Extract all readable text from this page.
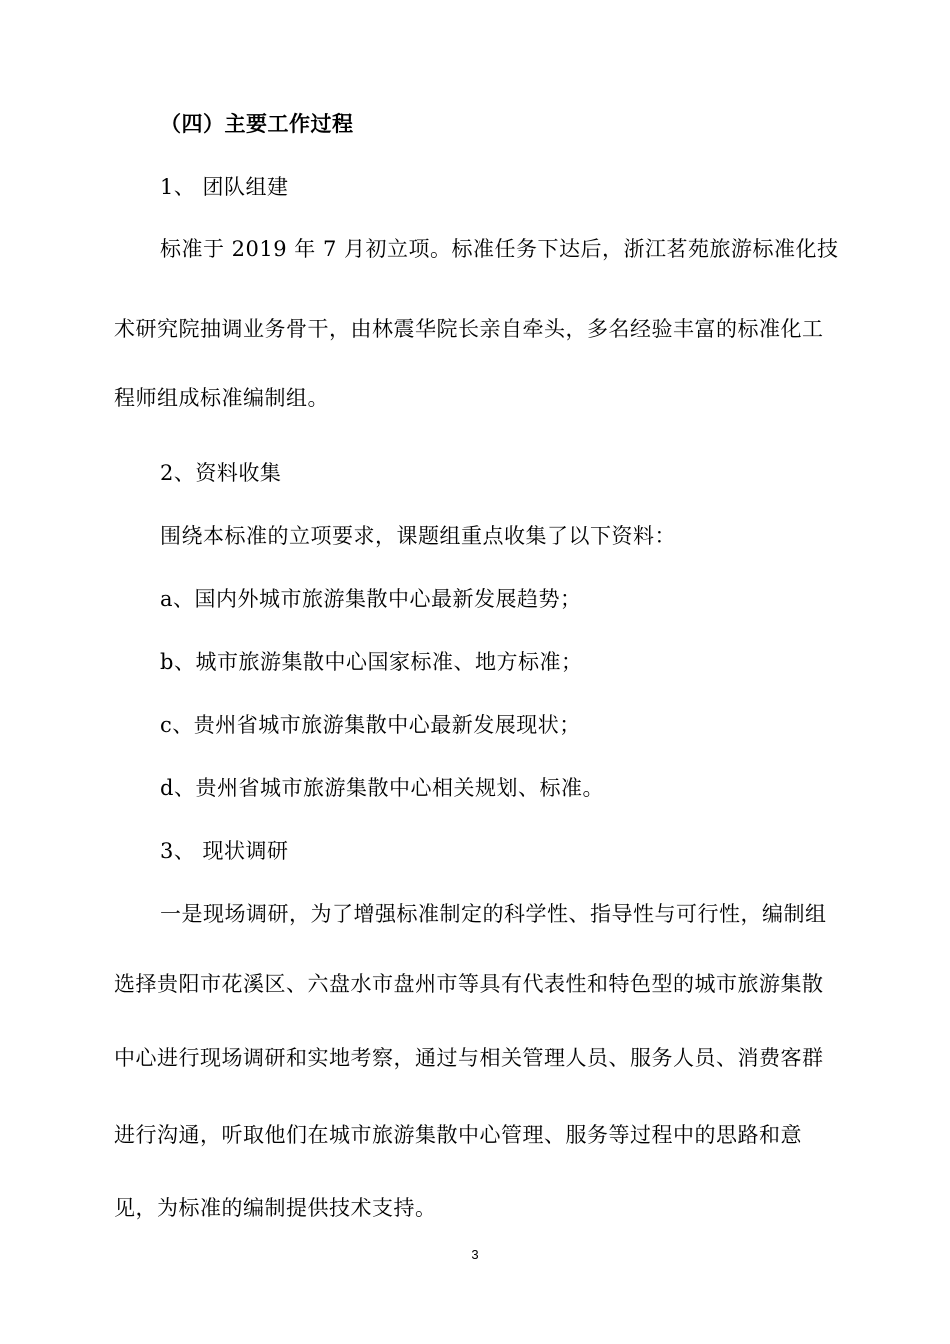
（四）主要工作过程
1、 团队组建
标准于 2019 年 7 月初立项。标准任务下达后，浙江茗苑旅游标准化技
术研究院抽调业务骨干，由林震华院长亲自牵头，多名经验丰富的标准化工
程师组成标准编制组。
2、资料收集
围绕本标准的立项要求，课题组重点收集了以下资料：
a、国内外城市旅游集散中心最新发展趋势；
b、城市旅游集散中心国家标准、地方标准；
c、贵州省城市旅游集散中心最新发展现状；
d、贵州省城市旅游集散中心相关规划、标准。
3、 现状调研
一是现场调研，为了增强标准制定的科学性、指导性与可行性，编制组
选择贵阳市花溪区、六盘水市盘州市等具有代表性和特色型的城市旅游集散
中心进行现场调研和实地考察，通过与相关管理人员、服务人员、消费客群
进行沟通，听取他们在城市旅游集散中心管理、服务等过程中的思路和意
见，为标准的编制提供技术支持。
3
